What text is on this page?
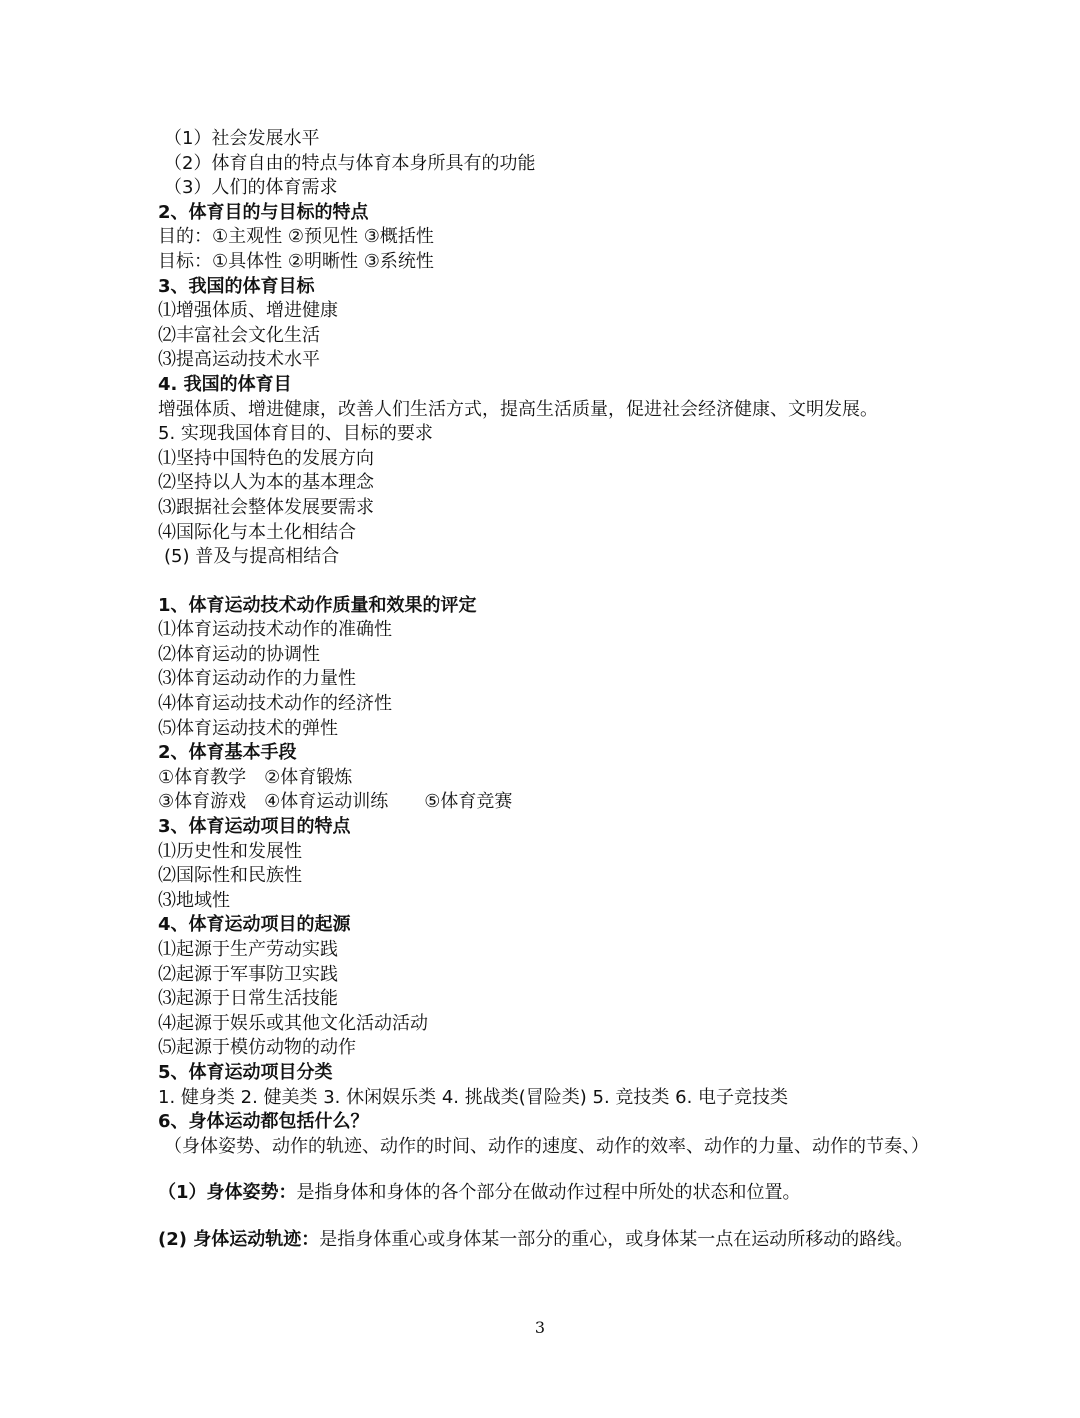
（1）社会发展水平
（2）体育自由的特点与体育本身所具有的功能
（3）人们的体育需求
2、体育目的与目标的特点
目的：①主观性 ②预见性 ③概括性
目标：①具体性 ②明晰性 ③系统性
3、我国的体育目标
⑴增强体质、增进健康
⑵丰富社会文化生活
⑶提高运动技术水平
4. 我国的体育目
增强体质、增进健康，改善人们生活方式，提高生活质量，促进社会经济健康、文明发展。
5. 实现我国体育目的、目标的要求
⑴坚持中国特色的发展方向
⑵坚持以人为本的基本理念
⑶跟据社会整体发展要需求
⑷国际化与本土化相结合
(5) 普及与提高相结合
1、体育运动技术动作质量和效果的评定
⑴体育运动技术动作的准确性
⑵体育运动的协调性
⑶体育运动动作的力量性
⑷体育运动技术动作的经济性
⑸体育运动技术的弹性
2、体育基本手段
①体育教学　②体育锻炼
③体育游戏　④体育运动训练　　⑤体育竞赛
3、体育运动项目的特点
⑴历史性和发展性
⑵国际性和民族性
⑶地域性
4、体育运动项目的起源
⑴起源于生产劳动实践
⑵起源于军事防卫实践
⑶起源于日常生活技能
⑷起源于娱乐或其他文化活动活动
⑸起源于模仿动物的动作
5、体育运动项目分类
1. 健身类 2. 健美类 3. 休闲娱乐类 4. 挑战类(冒险类) 5. 竞技类 6. 电子竞技类
6、身体运动都包括什么？
（身体姿势、动作的轨迹、动作的时间、动作的速度、动作的效率、动作的力量、动作的节奏、）
（1）身体姿势：是指身体和身体的各个部分在做动作过程中所处的状态和位置。
(2) 身体运动轨迹：是指身体重心或身体某一部分的重心，或身体某一点在运动所移动的路线。
3
